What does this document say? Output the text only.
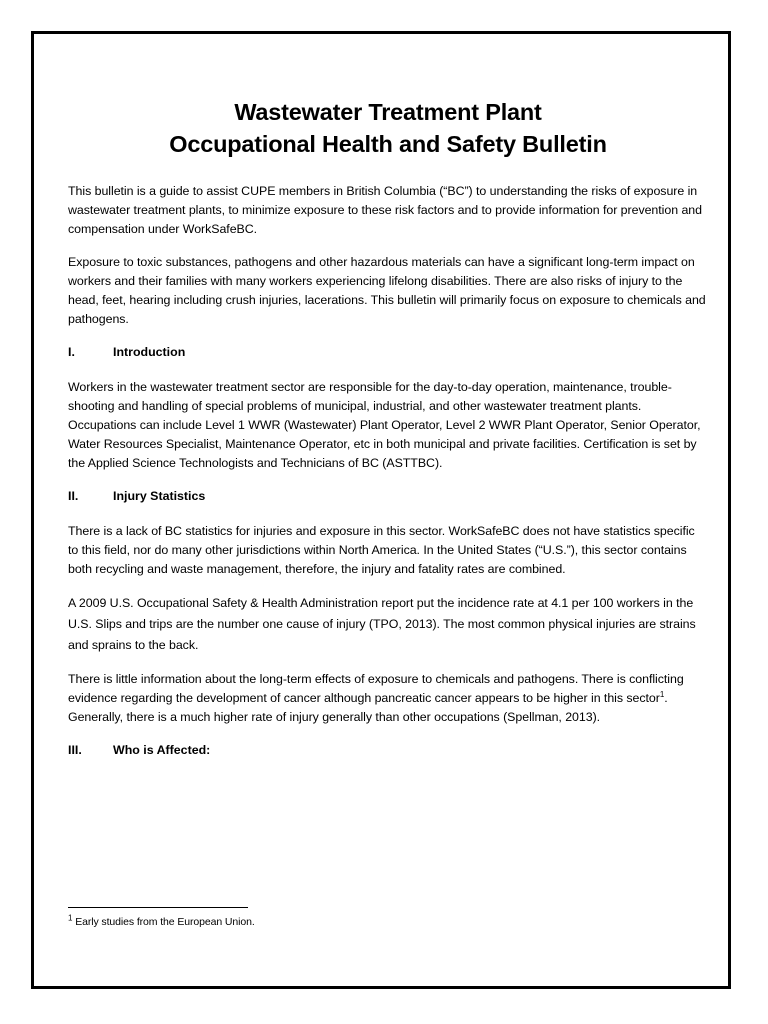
Wastewater Treatment Plant
Occupational Health and Safety Bulletin

This bulletin is a guide to assist CUPE members in British Columbia (“BC”) to understanding the risks of exposure in wastewater treatment plants, to minimize exposure to these risk factors and to provide information for prevention and compensation under WorkSafeBC.

Exposure to toxic substances, pathogens and other hazardous materials can have a significant long-term impact on workers and their families with many workers experiencing lifelong disabilities. There are also risks of injury to the head, feet, hearing including crush injuries, lacerations. This bulletin will primarily focus on exposure to chemicals and pathogens.

I.	Introduction

Workers in the wastewater treatment sector are responsible for the day-to-day operation, maintenance, trouble-shooting and handling of special problems of municipal, industrial, and other wastewater treatment plants. Occupations can include Level 1 WWR (Wastewater) Plant Operator, Level 2 WWR Plant Operator, Senior Operator, Water Resources Specialist, Maintenance Operator, etc in both municipal and private facilities. Certification is set by the Applied Science Technologists and Technicians of BC (ASTTBC).

II.	Injury Statistics

There is a lack of BC statistics for injuries and exposure in this sector. WorkSafeBC does not have statistics specific to this field, nor do many other jurisdictions within North America. In the United States (“U.S.”), this sector contains both recycling and waste management, therefore, the injury and fatality rates are combined.

A 2009 U.S. Occupational Safety & Health Administration report put the incidence rate at 4.1 per 100 workers in the U.S. Slips and trips are the number one cause of injury (TPO, 2013). The most common physical injuries are strains and sprains to the back.

There is little information about the long-term effects of exposure to chemicals and pathogens. There is conflicting evidence regarding the development of cancer although pancreatic cancer appears to be higher in this sector$^1$. Generally, there is a much higher rate of injury generally than other occupations (Spellman, 2013).

III.	Who is Affected:
$^1$ Early studies from the European Union.
